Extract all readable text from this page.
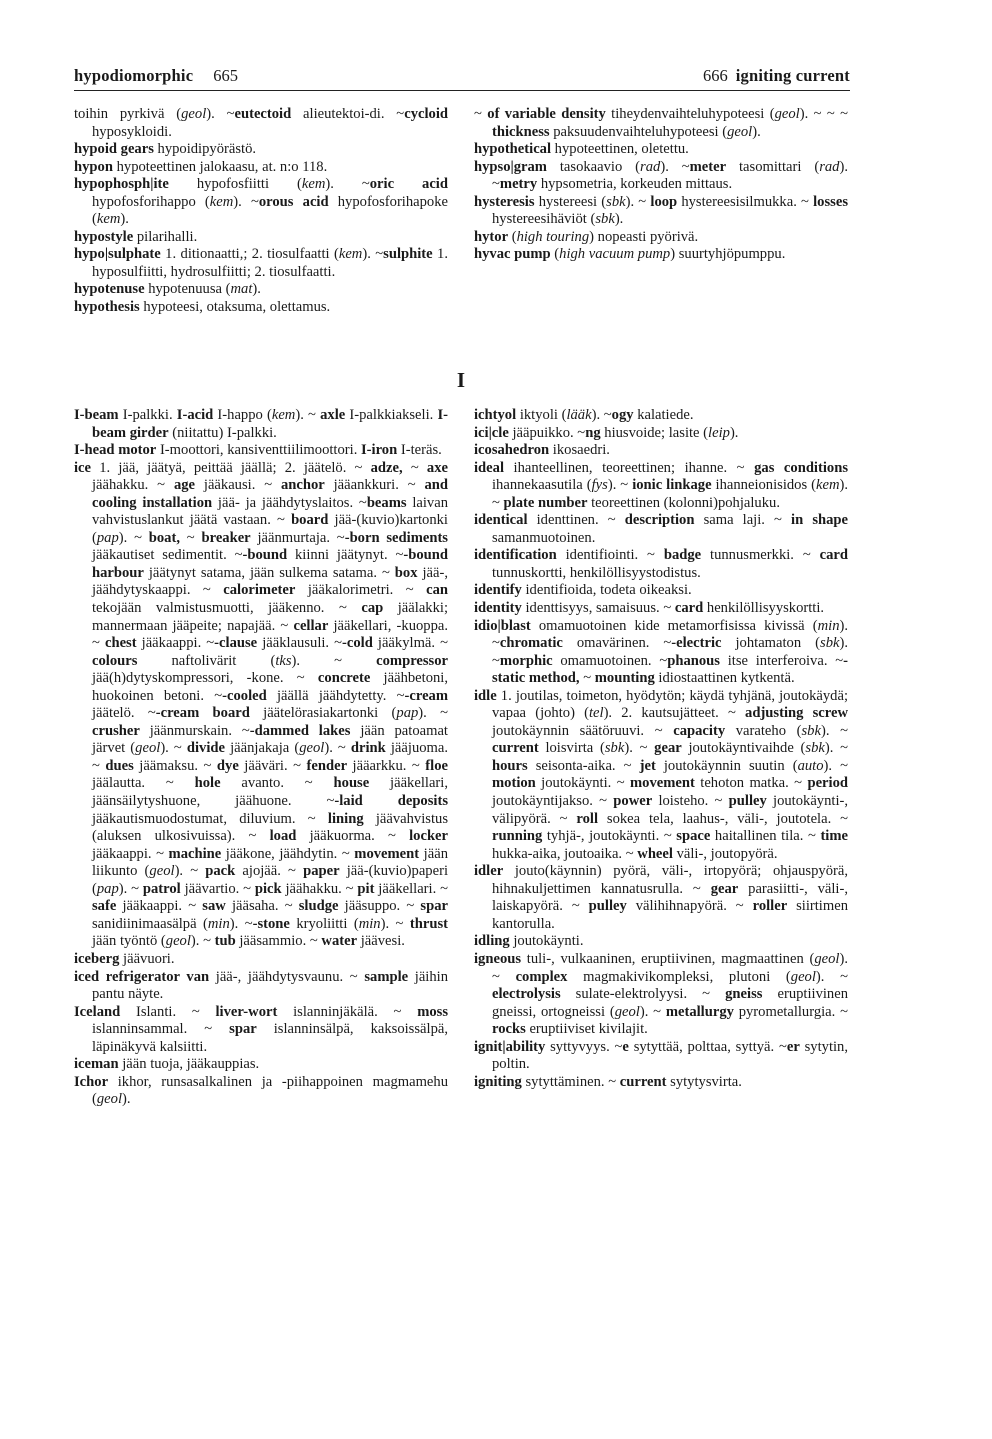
hypodiomorphic 665	666 igniting current

toihin pyrkivä (geol). ~eutectoid alieutektoi-di. ~cycloid hyposykloidi.

hypoid gears hypoidipyörästö.

hypon hypoteettinen jalokaasu, at. n:o 118.

hypophosph|ite hypofosfiitti (kem). ~oric acid hypofosforihappo (kem). ~orous acid hypofosforihapoke (kem).

hypostyle pilarihalli.

hypo|sulphate 1. ditionaatti,; 2. tiosulfaatti (kem). ~sulphite 1. hyposulfiitti, hydrosulfiitti; 2. tiosulfaatti.

hypotenuse hypotenuusa (mat).

hypothesis hypoteesi, otaksuma, olettamus.

~ of variable density tiheydenvaihteluhypoteesi (geol). ~ ~ ~ thickness paksuudenvaihteluhypoteesi (geol).

hypothetical hypoteettinen, oletettu.

hypso|gram tasokaavio (rad). ~meter tasomittari (rad). ~metry hypsometria, korkeuden mittaus.

hysteresis hystereesi (sbk). ~ loop hystereesisilmukka. ~ losses hystereesihäviöt (sbk).

hytor (high touring) nopeasti pyörivä.

hyvac pump (high vacuum pump) suurtyhjöpumppu.

I

I-beam I-palkki. I-acid I-happo (kem). ~ axle I-palkkiakseli. I-beam girder (niitattu) I-palkki.

I-head motor I-moottori, kansiventtiilimoottori. I-iron I-teräs.

ice 1. jää, jäätyä, peittää jäällä; 2. jäätelö. ~ adze, ~ axe jäähakku. ~ age jääkausi. ~ anchor jääankkuri. ~ and cooling installation jää- ja jäähdytyslaitos. ~beams laivan vahvistuslankut jäätä vastaan. ~ board jää-(kuvio)kartonki (pap). ~ boat, ~ breaker jäänmurtaja. ~-born sediments jääkautiset sedimentit. ~-bound kiinni jäätynyt. ~-bound harbour jäätynyt satama, jään sulkema satama. ~ box jää-, jäähdytyskaappi. ~ calorimeter jääkalorimetri. ~ can tekojään valmistusmuotti, jääkenno. ~ cap jäälakki; mannermaan jääpeite; napajää. ~ cellar jääkellari, -kuoppa. ~ chest jääkaappi. ~-clause jääklausuli. ~-cold jääkylmä. ~ colours naftolivärit (tks). ~ compressor jää(h)dytyskompressori, -kone. ~ concrete jäähbetoni, huokoinen betoni. ~-cooled jäällä jäähdytetty. ~-cream jäätelö. ~-cream board jäätelörasiakartonki (pap). ~ crusher jäänmurskain. ~-dammed lakes jään patoamat järvet (geol). ~ divide jäänjakaja (geol). ~ drink jääjuoma. ~ dues jäämaksu. ~ dye jääväri. ~ fender jääarkku. ~ floe jäälautta. ~ hole avanto. ~ house jääkellari, jäänsäilytyshuone, jäähuone. ~-laid deposits jääkautismuodostumat, diluvium. ~ lining jäävahvistus (aluksen ulkosivuissa). ~ load jääkuorma. ~ locker jääkaappi. ~ machine jääkone, jäähdytin. ~ movement jään liikunto (geol). ~ pack ajojää. ~ paper jää-(kuvio)paperi (pap). ~ patrol jäävartio. ~ pick jäähakku. ~ pit jääkellari. ~ safe jääkaappi. ~ saw jääsaha. ~ sludge jääsuppo. ~ spar sanidiinimaasälpä (min). ~-stone kryoliitti (min). ~ thrust jään työntö (geol). ~ tub jääsammio. ~ water jäävesi.

iceberg jäävuori.

iced refrigerator van jää-, jäähdytysvaunu. ~ sample jäihin pantu näyte.

Iceland Islanti. ~ liver-wort islanninjäkälä. ~ moss islanninsammal. ~ spar islanninsälpä, kaksoissälpä, läpinäkyvä kalsiitti.

iceman jään tuoja, jääkauppias.

Ichor ikhor, runsasalkalinen ja -piihappoinen magmamehu (geol).

ichtyol iktyoli (lääk). ~ogy kalatiede.

ici|cle jääpuikko. ~ng hiusvoide; lasite (leip).

icosahedron ikosaedri.

ideal ihanteellinen, teoreettinen; ihanne. ~ gas conditions ihannekaasutila (fys). ~ ionic linkage ihanneionisidos (kem). ~ plate number teoreettinen (kolonni)pohjaluku.

identical identtinen. ~ description sama laji. ~ in shape samanmuotoinen.

identification identifiointi. ~ badge tunnusmerkki. ~ card tunnuskortti, henkilöllisyystodistus.

identify identifioida, todeta oikeaksi.

identity identtisyys, samaisuus. ~ card henkilöllisyyskortti.

idio|blast omamuotoinen kide metamorfisissa kivissä (min). ~chromatic omavärinen. ~-electric johtamaton (sbk). ~morphic omamuotoinen. ~phanous itse interferoiva. ~-static method, ~ mounting idiostaattinen kytkentä.

idle 1. joutilas, toimeton, hyödytön; käydä tyhjänä, joutokäydä; vapaa (johto) (tel). 2. kautsujätteet. ~ adjusting screw joutokäynnin säätöruuvi. ~ capacity varateho (sbk). ~ current loisvirta (sbk). ~ gear joutokäyntivaihde (sbk). ~ hours seisonta-aika. ~ jet joutokäynnin suutin (auto). ~ motion joutokäynti. ~ movement tehoton matka. ~ period joutokäyntijakso. ~ power loisteho. ~ pulley joutokäynti-, välipyörä. ~ roll sokea tela, laahus-, väli-, joutotela. ~ running tyhjä-, joutokäynti. ~ space haitallinen tila. ~ time hukka-aika, joutoaika. ~ wheel väli-, joutopyörä.

idler jouto(käynnin) pyörä, väli-, irtopyörä; ohjauspyörä, hihnakuljettimen kannatusrulla. ~ gear parasiitti-, väli-, laiskapyörä. ~ pulley välihihnapyörä. ~ roller siirtimen kantorulla.

idling joutokäynti.

igneous tuli-, vulkaaninen, eruptiivinen, magmaattinen (geol). ~ complex magmakivikompleksi, plutoni (geol). ~ electrolysis sulate-elektrolyysi. ~ gneiss eruptiivinen gneissi, ortogneissi (geol). ~ metallurgy pyrometallurgia. ~ rocks eruptiiviset kivilajit.

ignit|ability syttyvyys. ~e sytyttää, polttaa, syttyä. ~er sytytin, poltin.

igniting sytyttäminen. ~ current sytytysvirta.
